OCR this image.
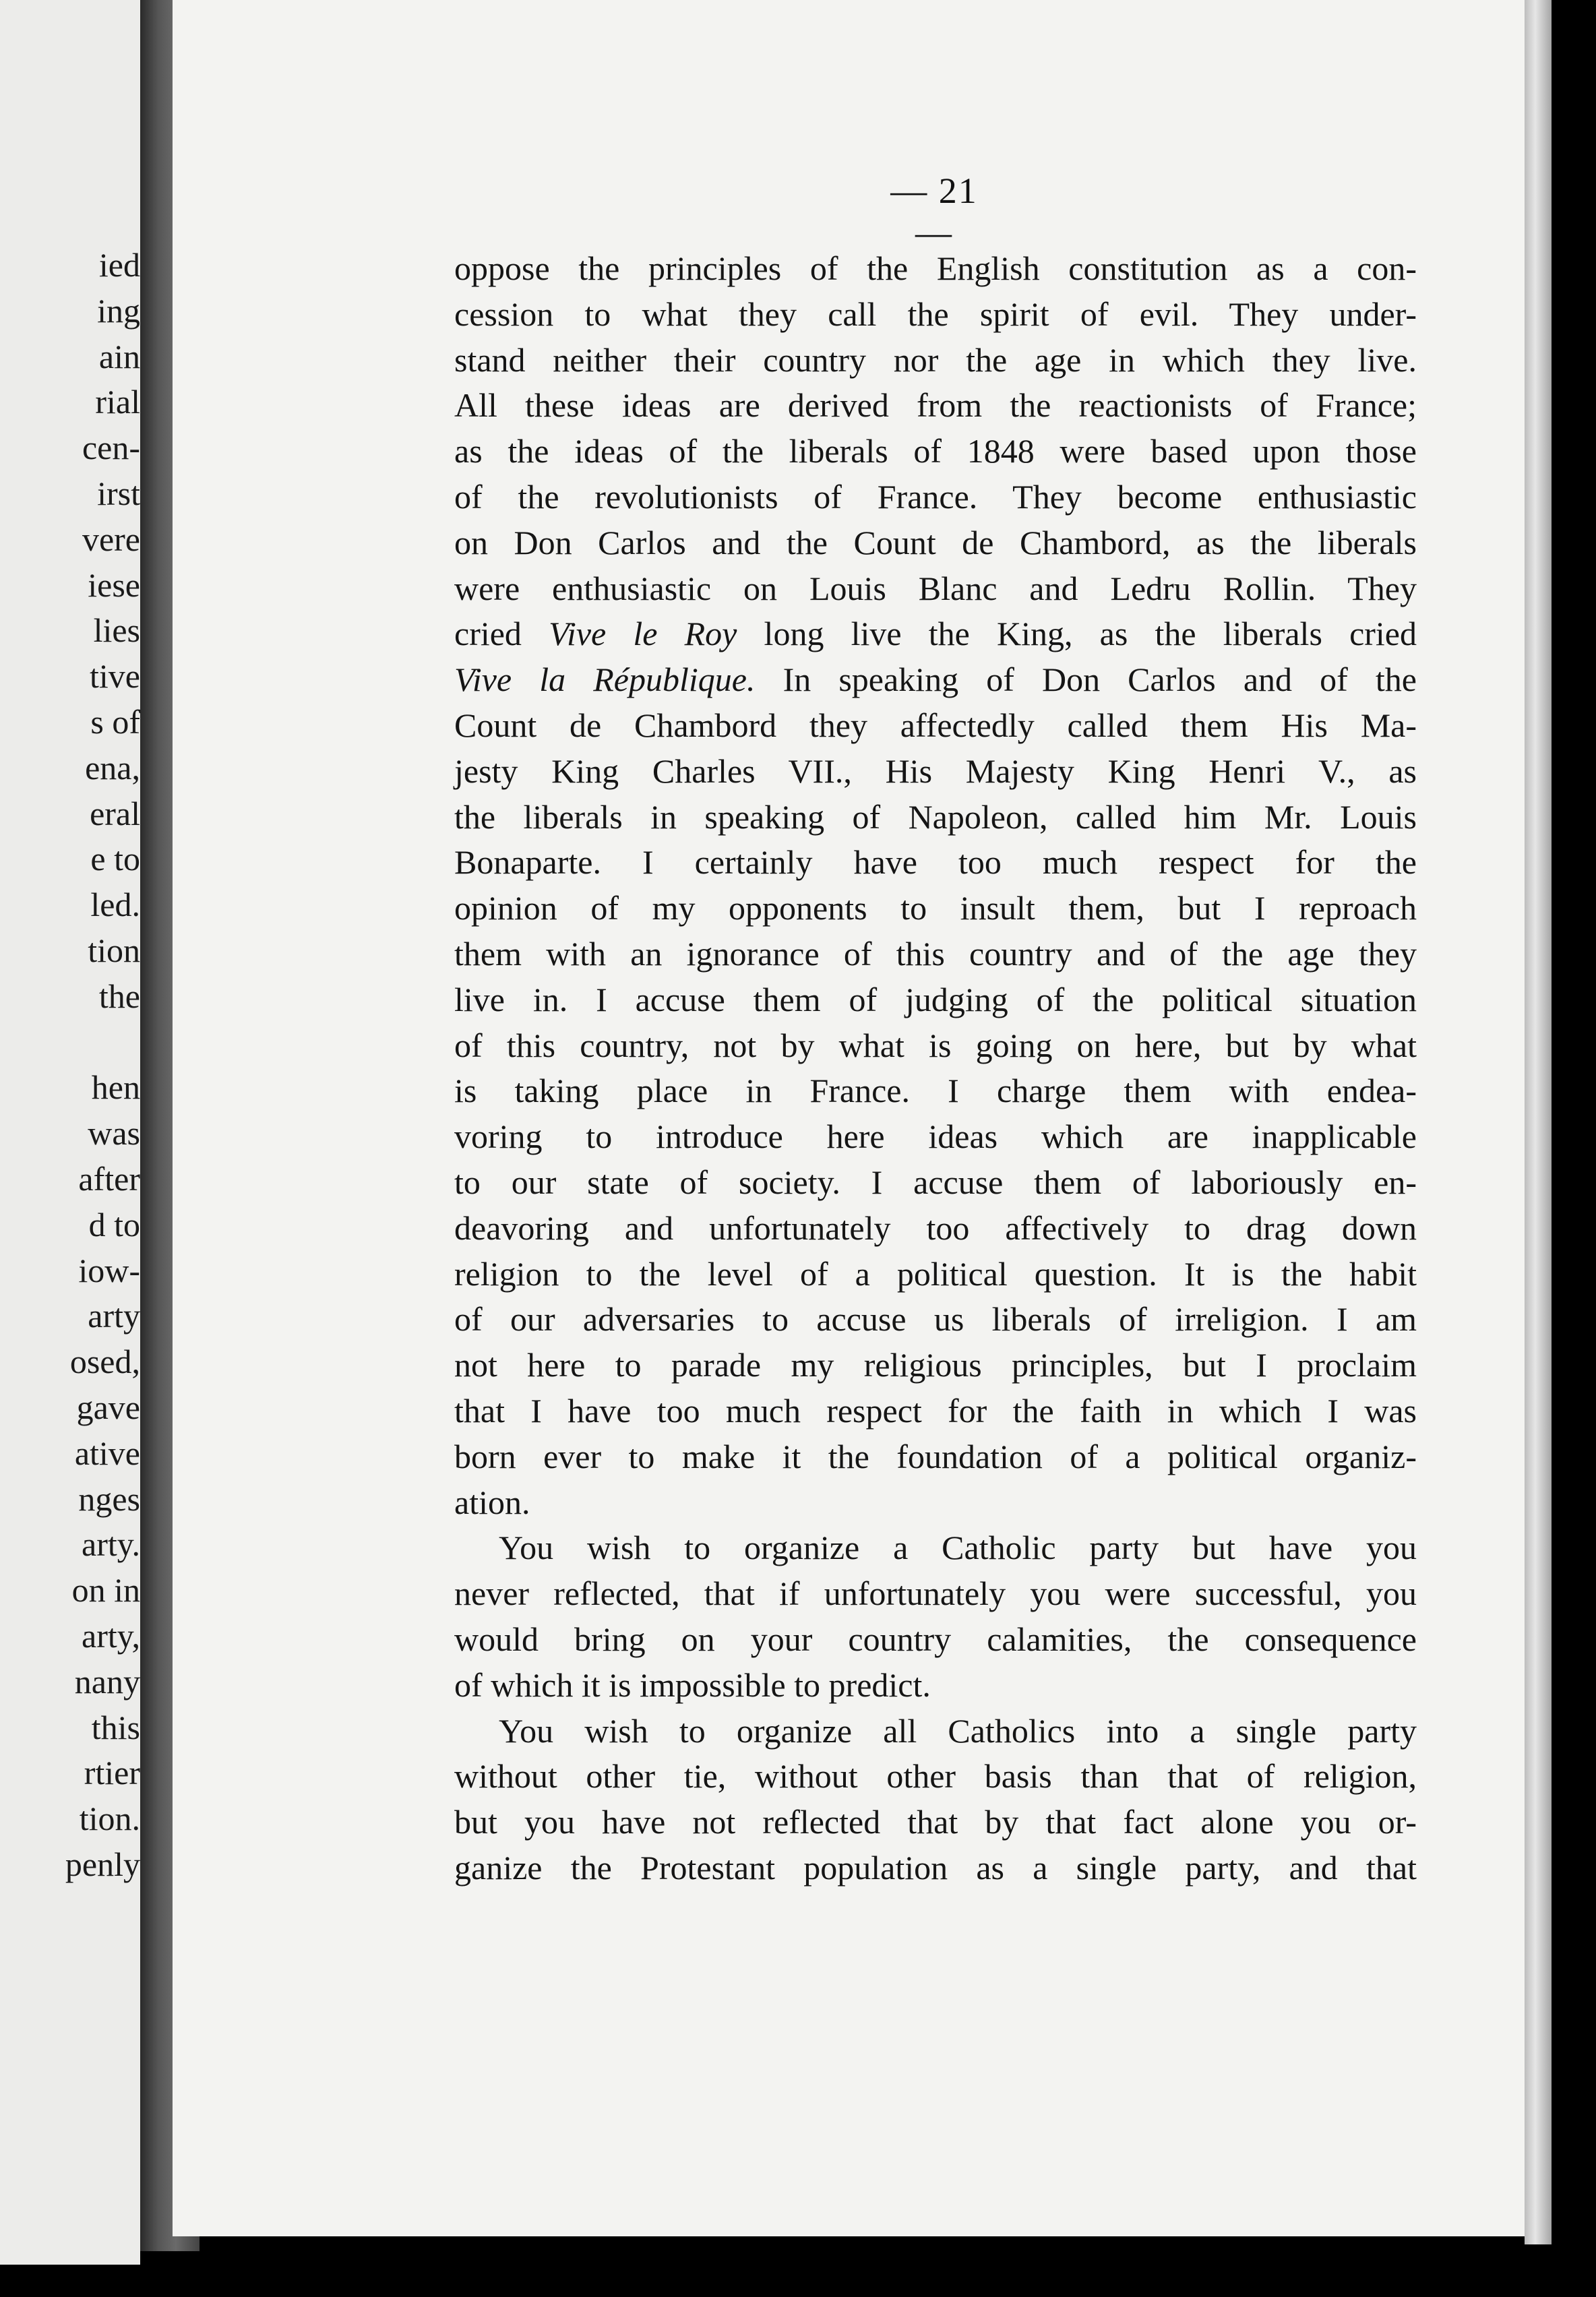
ied
ing
ain
rial
cen-
irst
vere
iese
lies
tive
s of
ena,
eral
e to
led.
tion
the

hen
was
after
d to
iow-
arty
osed,
gave
ative
nges
arty.
on in
arty,
nany
this
rtier
tion.
penly
— 21 —
oppose the principles of the English constitution as a con-
cession to what they call the spirit of evil. They under-
stand neither their country nor the age in which they live.
All these ideas are derived from the reactionists of France;
as the ideas of the liberals of 1848 were based upon those
of the revolutionists of France. They become enthusiastic
on Don Carlos and the Count de Chambord, as the liberals
were enthusiastic on Louis Blanc and Ledru Rollin. They
cried Vive le Roy long live the King, as the liberals cried
Vive la République. In speaking of Don Carlos and of the
Count de Chambord they affectedly called them His Ma-
jesty King Charles VII., His Majesty King Henri V., as
the liberals in speaking of Napoleon, called him Mr. Louis
Bonaparte. I certainly have too much respect for the
opinion of my opponents to insult them, but I reproach
them with an ignorance of this country and of the age they
live in. I accuse them of judging of the political situation
of this country, not by what is going on here, but by what
is taking place in France. I charge them with endea-
voring to introduce here ideas which are inapplicable
to our state of society. I accuse them of laboriously en-
deavoring and unfortunately too affectively to drag down
religion to the level of a political question. It is the habit
of our adversaries to accuse us liberals of irreligion. I am
not here to parade my religious principles, but I proclaim
that I have too much respect for the faith in which I was
born ever to make it the foundation of a political organiz-
ation.
You wish to organize a Catholic party but have you
never reflected, that if unfortunately you were successful, you
would bring on your country calamities, the consequence
of which it is impossible to predict.
You wish to organize all Catholics into a single party
without other tie, without other basis than that of religion,
but you have not reflected that by that fact alone you or-
ganize the Protestant population as a single party, and that
